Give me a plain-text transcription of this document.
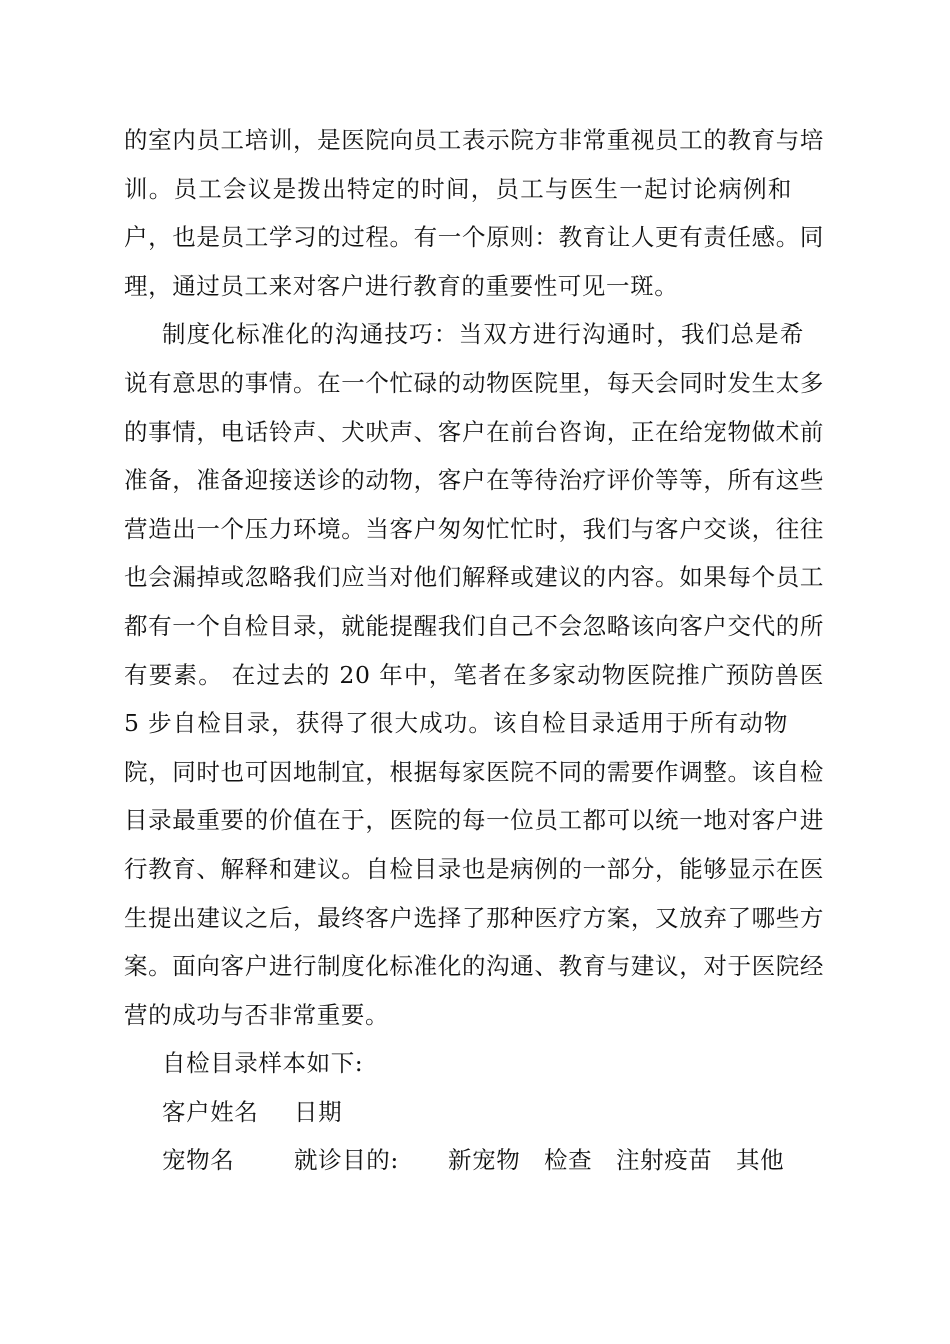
的室内员工培训，是医院向员工表示院方非常重视员工的教育与培
训。员工会议是拨出特定的时间，员工与医生一起讨论病例和
户，也是员工学习的过程。有一个原则：教育让人更有责任感。同
理，通过员工来对客户进行教育的重要性可见一斑。
制度化标准化的沟通技巧：当双方进行沟通时，我们总是希
说有意思的事情。在一个忙碌的动物医院里，每天会同时发生太多
的事情，电话铃声、犬吠声、客户在前台咨询，正在给宠物做术前
准备，准备迎接送诊的动物，客户在等待治疗评价等等，所有这些
营造出一个压力环境。当客户匆匆忙忙时，我们与客户交谈，往往
也会漏掉或忽略我们应当对他们解释或建议的内容。如果每个员工
都有一个自检目录，就能提醒我们自己不会忽略该向客户交代的所
有要素。 在过去的 20 年中，笔者在多家动物医院推广预防兽医
5 步自检目录，获得了很大成功。该自检目录适用于所有动物
院，同时也可因地制宜，根据每家医院不同的需要作调整。该自检
目录最重要的价值在于，医院的每一位员工都可以统一地对客户进
行教育、解释和建议。自检目录也是病例的一部分，能够显示在医
生提出建议之后，最终客户选择了那种医疗方案，又放弃了哪些方
案。面向客户进行制度化标准化的沟通、教育与建议，对于医院经
营的成功与否非常重要。
自检目录样本如下:
客户姓名 日期
宠物名	就诊目的: 新宠物 检查 注射疫苗 其他
